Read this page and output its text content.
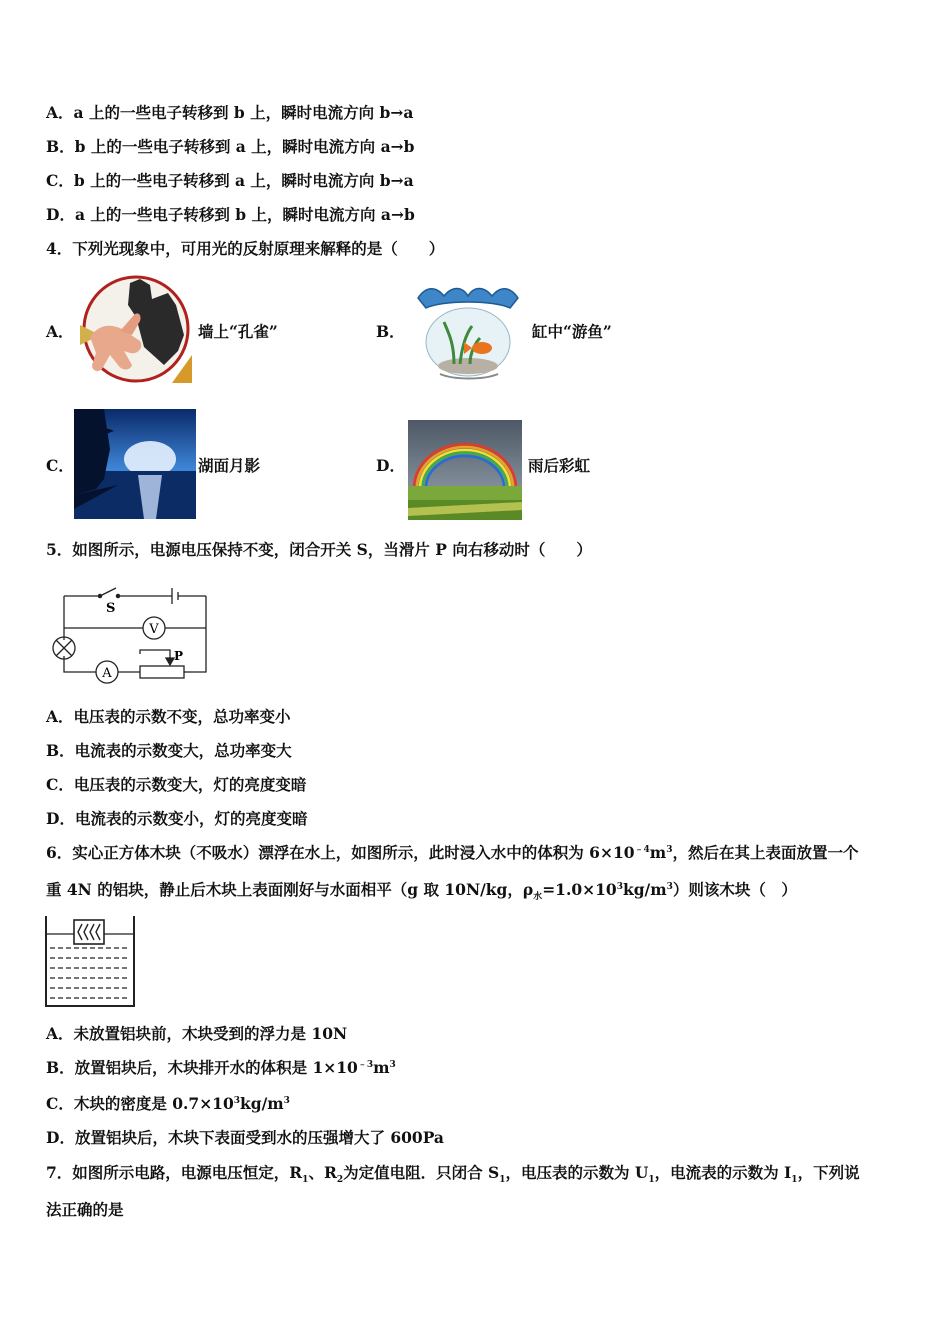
A．a 上的一些电子转移到 b 上，瞬时电流方向 b→a
B．b 上的一些电子转移到 a 上，瞬时电流方向 a→b
C．b 上的一些电子转移到 a 上，瞬时电流方向 b→a
D．a 上的一些电子转移到 b 上，瞬时电流方向 a→b
4．下列光现象中，可用光的反射原理来解释的是（　　）
A．	墙上“孔雀”	B．	缸中“游鱼”
C．	湖面月影	D．	雨后彩虹
5．如图所示，电源电压保持不变，闭合开关 S，当滑片 P 向右移动时（　　）
S
V
A
P
A．电压表的示数不变，总功率变小
B．电流表的示数变大，总功率变大
C．电压表的示数变大，灯的亮度变暗
D．电流表的示数变小，灯的亮度变暗
6．实心正方体木块（不吸水）漂浮在水上，如图所示，此时浸入水中的体积为 $6\times 10^{﹣4}m^3$，然后在其上表面放置一个
重 4N 的铝块，静止后木块上表面刚好与水面相平（g 取 10N/kg，$\rho_水=1.0\times 10^3kg/m^3$）则该木块（　）
A．未放置铝块前，木块受到的浮力是 10N
B．放置铝块后，木块排开水的体积是 $1\times 10^{﹣3}m^3$
C．木块的密度是 $0.7\times 10^3kg/m^3$
D．放置铝块后，木块下表面受到水的压强增大了 600Pa
7．如图所示电路，电源电压恒定，$R_1$、$R_2$为定值电阻．只闭合 $S_1$，电压表的示数为 $U_1$，电流表的示数为 $I_1$，下列说
法正确的是
